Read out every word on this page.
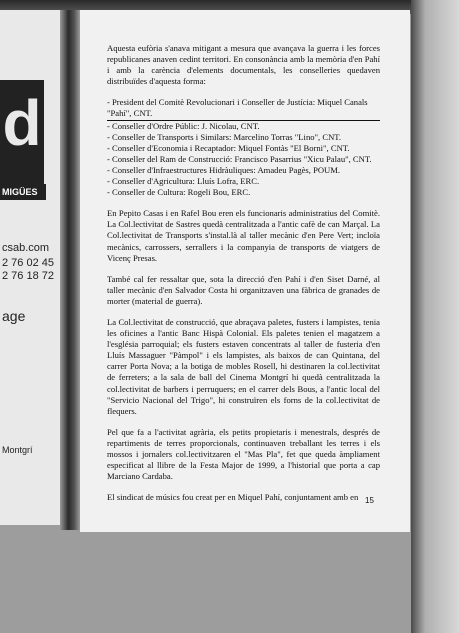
d
MIGÜES
csab.com
2 76 02 45
2 76 18 72
age
Montgrí

Aquesta eufòria s'anava mitigant a mesura que avançava la guerra i les forces republicanes anaven cedint territori. En consonància amb la memòria d'en Pahí i amb la carència d'elements documentals, les conselleries quedaven distribuïdes d'aquesta forma:

- President del Comitè Revolucionari i Conseller de Justícia: Miquel Canals "Pahí", CNT.
- Conseller d'Ordre Públic: J. Nicolau, CNT.
- Conseller de Transports i Similars: Marcelino Torras "Lino", CNT.
- Conseller d'Economia i Recaptador: Miquel Fontàs "El Borni", CNT.
- Conseller del Ram de Construcció: Francisco Pasarrius "Xicu Palau", CNT.
- Conseller d'Infraestructures Hidràuliques: Amadeu Pagès, POUM.
- Conseller d'Agricultura: Lluís Lofra, ERC.
- Conseller de Cultura: Rogeli Bou, ERC.

En Pepito Casas i en Rafel Bou eren els funcionaris administratius del Comitè. La Col.lectivitat de Sastres quedà centralitzada a l'antic cafè de can Marçal. La Col.lectivitat de Transports s'instal.là al taller mecànic d'en Pere Vert; incloïa mecànics, carrossers, serrallers i la companyia de transports de viatgers de Vicenç Presas.

També cal fer ressaltar que, sota la direcció d'en Pahí i d'en Siset Darné, al taller mecànic d'en Salvador Costa hi organitzaven una fàbrica de granades de morter (material de guerra).

La Col.lectivitat de construcció, que abraçava paletes, fusters i lampistes, tenia les oficines a l'antic Banc Hispà Colonial. Els paletes tenien el magatzem a l'església parroquial; els fusters estaven concentrats al taller de fusteria d'en Lluís Massaguer "Pàmpol" i els lampistes, als baixos de can Quintana, del carrer Porta Nova; a la botiga de mobles Rosell, hi destinaren la col.lectivitat de ferreters; a la sala de ball del Cinema Montgrí hi quedà centralitzada la col.lectivitat de barbers i perruquers; en el carrer dels Bous, a l'antic local del "Servicio Nacional del Trigo", hi construïren els forns de la col.lectivitat de flequers.

Pel que fa a l'activitat agrària, els petits propietaris i menestrals, després de repartiments de terres proporcionals, continuaven treballant les terres i els mossos i jornalers col.lectivitzaren el "Mas Pla", fet que queda àmpliament especificat al llibre de la Festa Major de 1999, a l'historial que porta a cap Marciano Cardaba.

El sindicat de músics fou creat per en Miquel Pahí, conjuntament amb en 15
